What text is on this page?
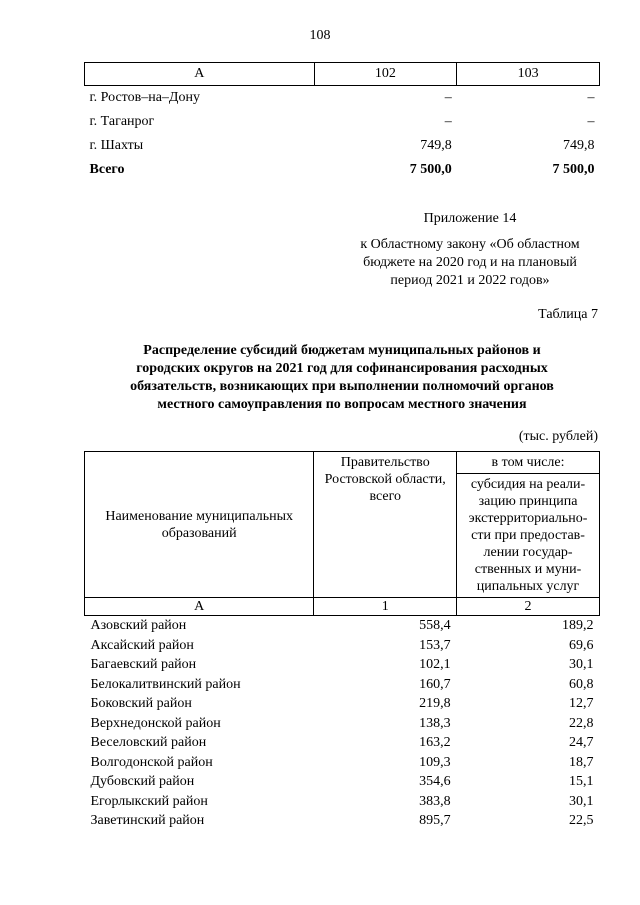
108
А	102	103
г. Ростов–на–Дону	–	–
г. Таганрог	–	–
г. Шахты	749,8	749,8
Всего	7 500,0	7 500,0
Приложение 14
к Областному закону «Об областном
бюджете на 2020 год и на плановый
период 2021 и 2022 годов»
Таблица 7
Распределение субсидий бюджетам муниципальных районов и
городских округов на 2021 год для софинансирования расходных
обязательств, возникающих при выполнении полномочий органов
местного самоуправления по вопросам местного значения
(тыс. рублей)
Наименование муниципальных образований	Правительство Ростовской области, всего	в том числе:
		субсидия на реали-зацию принципа экстерриториально-сти при предостав-лении государ-ственных и муни-ципальных услуг
А	1	2
Азовский район	558,4	189,2
Аксайский район	153,7	69,6
Багаевский район	102,1	30,1
Белокалитвинский район	160,7	60,8
Боковский район	219,8	12,7
Верхнедонской район	138,3	22,8
Веселовский район	163,2	24,7
Волгодонской район	109,3	18,7
Дубовский район	354,6	15,1
Егорлыкский район	383,8	30,1
Заветинский район	895,7	22,5
